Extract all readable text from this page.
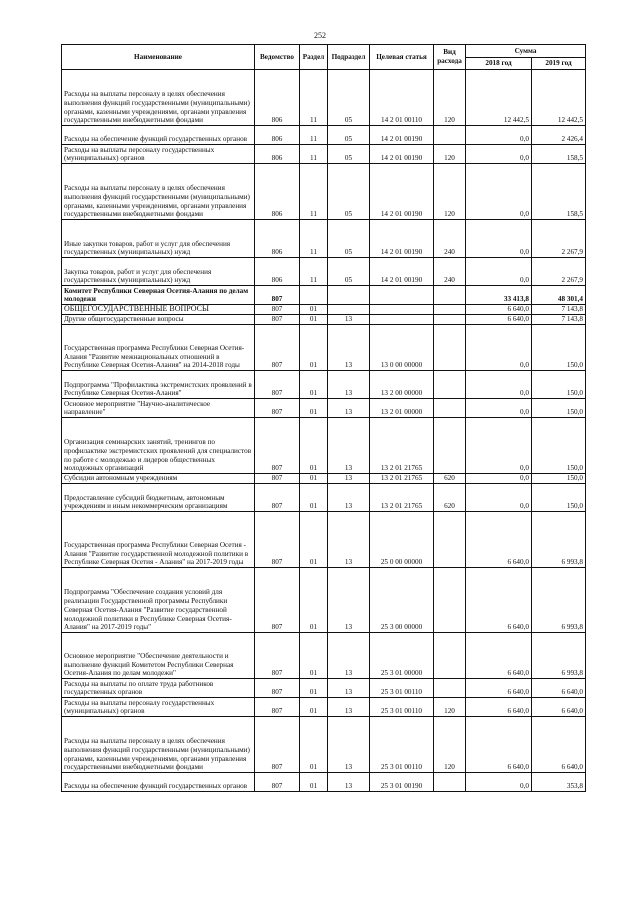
252
Наименование	Ведомство	Раздел	Подраздел	Целевая статья	Вид расхода	Сумма	
						2018 год	2019 год
Расходы на выплаты персоналу в целях обеспечения выполнения функций государственными (муниципальными) органами, казенными учреждениями, органами управления государственными внебюджетными фондами	806	11	05	14 2 01 00110	120	12 442,5	12 442,5
Расходы на обеспечение функций государственных органов	806	11	05	14 2 01 00190		0,0	2 426,4
Расходы на выплаты персоналу государственных (муниципальных) органов	806	11	05	14 2 01 00190	120	0,0	158,5
Расходы на выплаты персоналу в целях обеспечения выполнения функций государственными (муниципальными) органами, казенными учреждениями, органами управления государственными внебюджетными фондами	806	11	05	14 2 01 00190	120	0,0	158,5
Иные закупки товаров, работ и услуг для обеспечения государственных (муниципальных) нужд	806	11	05	14 2 01 00190	240	0,0	2 267,9
Закупка товаров, работ и услуг для обеспечения государственных (муниципальных) нужд	806	11	05	14 2 01 00190	240	0,0	2 267,9
Комитет Республики Северная Осетия-Алания по делам молодежи	807					33 413,8	48 301,4
ОБЩЕГОСУДАРСТВЕННЫЕ ВОПРОСЫ	807	01				6 640,0	7 143,8
Другие общегосударственные вопросы	807	01	13			6 640,0	7 143,8
Государственная программа Республики Северная Осетия-Алания "Развитие межнациональных отношений в Республике Северная Осетия-Алания" на 2014-2018 годы	807	01	13	13 0 00 00000		0,0	150,0
Подпрограмма "Профилактика экстремистских проявлений в Республике Северная Осетия-Алания"	807	01	13	13 2 00 00000		0,0	150,0
Основное мероприятие "Научно-аналитическое направление"	807	01	13	13 2 01 00000		0,0	150,0
Организация семинарских занятий, тренингов по профилактике экстремистских проявлений для специалистов по работе с молодежью и лидеров общественных молодежных организаций	807	01	13	13 2 01 21765		0,0	150,0
Субсидии автономным учреждениям	807	01	13	13 2 01 21765	620	0,0	150,0
Предоставление субсидий бюджетным, автономным учреждениям и иным некоммерческим организациям	807	01	13	13 2 01 21765	620	0,0	150,0
Государственная программа Республики Северная Осетия - Алания "Развитие государственной молодежной политики в Республике Северная Осетия - Алания" на 2017-2019 годы	807	01	13	25 0 00 00000		6 640,0	6 993,8
Подпрограмма "Обеспечение создания условий для реализации Государственной программы Республики Северная Осетия-Алания "Развитие государственной молодежной политики в Республике Северная Осетия-Алания" на 2017-2019 годы"	807	01	13	25 3 00 00000		6 640,0	6 993,8
Основное мероприятие "Обеспечение деятельности и выполнение функций Комитетом Республики Северная Осетия-Алания по делам молодежи"	807	01	13	25 3 01 00000		6 640,0	6 993,8
Расходы на выплаты по оплате труда работников государственных органов	807	01	13	25 3 01 00110		6 640,0	6 640,0
Расходы на выплаты персоналу государственных (муниципальных) органов	807	01	13	25 3 01 00110	120	6 640,0	6 640,0
Расходы на выплаты персоналу в целях обеспечения выполнения функций государственными (муниципальными) органами, казенными учреждениями, органами управления государственными внебюджетными фондами	807	01	13	25 3 01 00110	120	6 640,0	6 640,0
Расходы на обеспечение функций государственных органов	807	01	13	25 3 01 00190		0,0	353,8
